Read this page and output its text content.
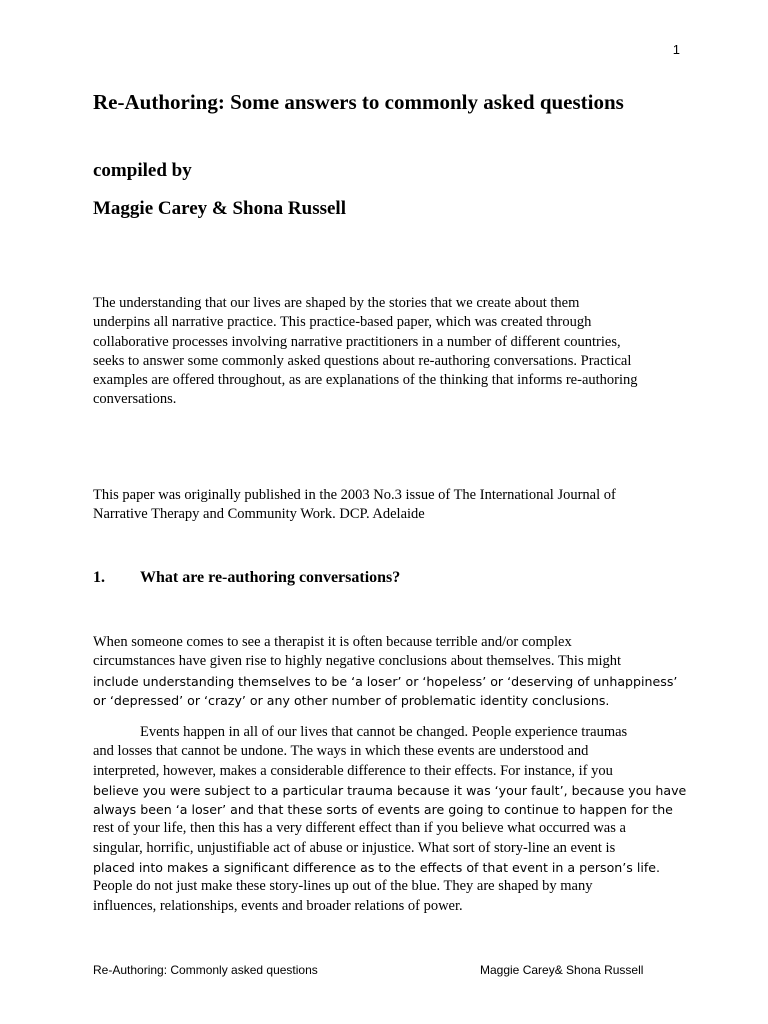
1
Re-Authoring: Some answers to commonly asked questions
compiled by
Maggie Carey & Shona Russell
The understanding that our lives are shaped by the stories that we create about them
underpins all narrative practice. This practice-based paper, which was created through
collaborative processes involving narrative practitioners in a number of different countries,
seeks to answer some commonly asked questions about re-authoring conversations. Practical
examples are offered throughout, as are explanations of the thinking that informs re-authoring
conversations.
This paper was originally published in the 2003 No.3 issue of The International Journal of
Narrative Therapy and Community Work. DCP. Adelaide
1. What are re-authoring conversations?
When someone comes to see a therapist it is often because terrible and/or complex
circumstances have given rise to highly negative conclusions about themselves. This might
include understanding themselves to be ‘a loser’ or ‘hopeless’ or ‘deserving of unhappiness’
or ‘depressed’ or ‘crazy’ or any other number of problematic identity conclusions.
Events happen in all of our lives that cannot be changed. People experience traumas
and losses that cannot be undone. The ways in which these events are understood and
interpreted, however, makes a considerable difference to their effects. For instance, if you
believe you were subject to a particular trauma because it was ‘your fault’, because you have
always been ‘a loser’ and that these sorts of events are going to continue to happen for the
rest of your life, then this has a very different effect than if you believe what occurred was a
singular, horrific, unjustifiable act of abuse or injustice. What sort of story-line an event is
placed into makes a significant difference as to the effects of that event in a person’s life.
People do not just make these story-lines up out of the blue. They are shaped by many
influences, relationships, events and broader relations of power.
Re-Authoring: Commonly asked questions	Maggie Carey& Shona Russell
